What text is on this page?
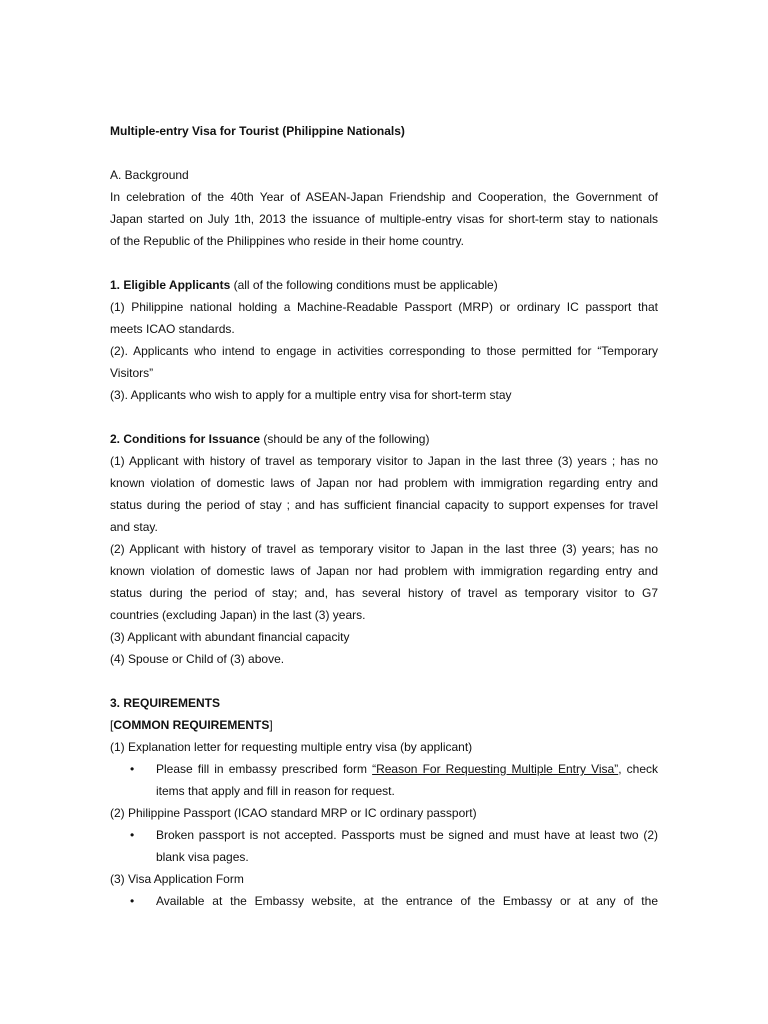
Multiple-entry Visa for Tourist (Philippine Nationals)
A. Background
In celebration of the 40th Year of ASEAN-Japan Friendship and Cooperation, the Government of
Japan started on July 1th, 2013 the issuance of multiple-entry visas for short-term stay to nationals
of the Republic of the Philippines who reside in their home country.
1. Eligible Applicants (all of the following conditions must be applicable)
(1) Philippine national holding a Machine-Readable Passport (MRP) or ordinary IC passport that
meets ICAO standards.
(2). Applicants who intend to engage in activities corresponding to those permitted for “Temporary
Visitors”
(3). Applicants who wish to apply for a multiple entry visa for short-term stay
2. Conditions for Issuance (should be any of the following)
(1) Applicant with history of travel as temporary visitor to Japan in the last three (3) years ; has no
known violation of domestic laws of Japan nor had problem with immigration regarding entry and
status during the period of stay ; and has sufficient financial capacity to support expenses for travel
and stay.
(2) Applicant with history of travel as temporary visitor to Japan in the last three (3) years; has no
known violation of domestic laws of Japan nor had problem with immigration regarding entry and
status during the period of stay; and, has several history of travel as temporary visitor to G7
countries (excluding Japan) in the last (3) years.
(3) Applicant with abundant financial capacity
(4) Spouse or Child of (3) above.
3. REQUIREMENTS
[COMMON REQUIREMENTS]
(1) Explanation letter for requesting multiple entry visa (by applicant)
•	Please fill in embassy prescribed form “Reason For Requesting Multiple Entry Visa”, check
items that apply and fill in reason for request.
(2) Philippine Passport (ICAO standard MRP or IC ordinary passport)
•	Broken passport is not accepted. Passports must be signed and must have at least two (2)
blank visa pages.
(3) Visa Application Form
•	Available at the Embassy website, at the entrance of the Embassy or at any of the
